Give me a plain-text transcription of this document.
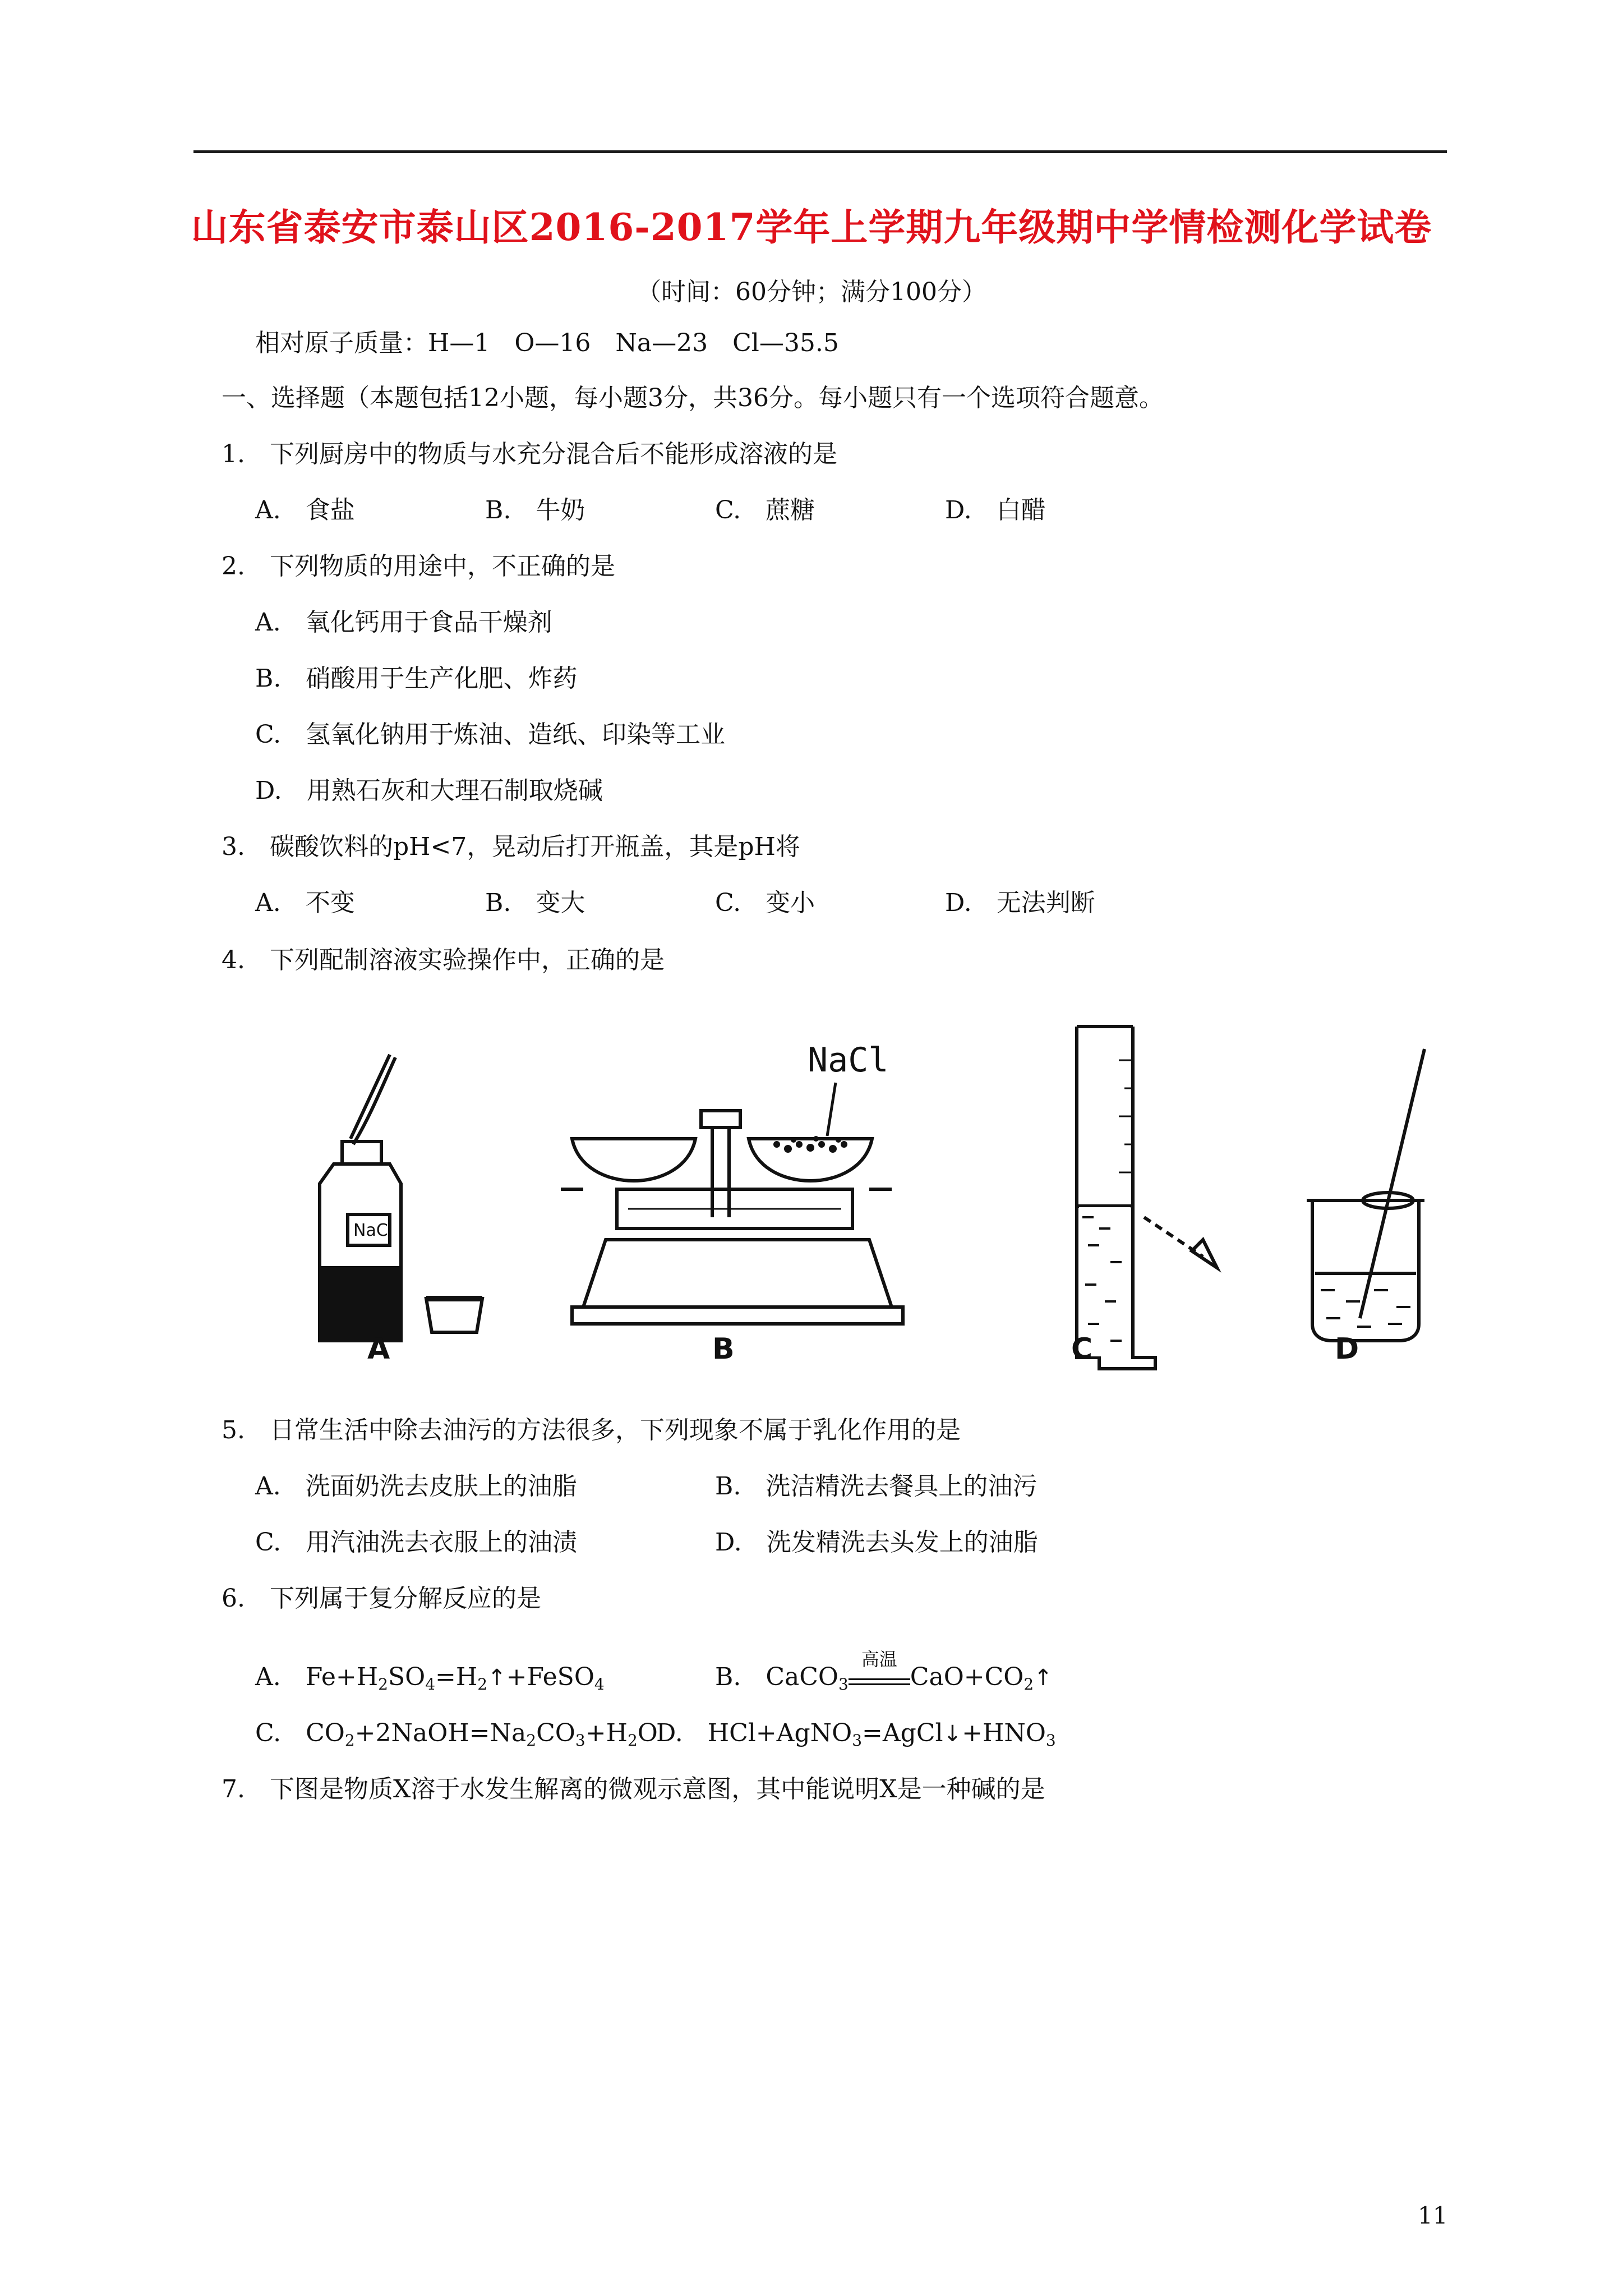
山东省泰安市泰山区2016-2017学年上学期九年级期中学情检测化学试卷
（时间：60分钟；满分100分）
相对原子质量：H—1　O—16　Na—23　Cl—35.5
一、选择题（本题包括12小题，每小题3分，共36分。每小题只有一个选项符合题意。
1.　下列厨房中的物质与水充分混合后不能形成溶液的是
A.　食盐	B.　牛奶	C.　蔗糖	D.　白醋
2.　下列物质的用途中，不正确的是
A.　氧化钙用于食品干燥剂
B.　硝酸用于生产化肥、炸药
C.　氢氧化钠用于炼油、造纸、印染等工业
D.　用熟石灰和大理石制取烧碱
3.　碳酸饮料的pH<7，晃动后打开瓶盖，其是pH将
A.　不变	B.　变大	C.　变小	D.　无法判断
4.　下列配制溶液实验操作中，正确的是
NaCl
NaCl
A	B	C	D
5.　日常生活中除去油污的方法很多，下列现象不属于乳化作用的是
A.　洗面奶洗去皮肤上的油脂	B.　洗洁精洗去餐具上的油污
C.　用汽油洗去衣服上的油渍	D.　洗发精洗去头发上的油脂
6.　下列属于复分解反应的是
A.　$Fe+H_2SO_4=H_2↑+FeSO_4$	B.　CaCO$_3$
高温
$CaO+CO_2↑$
C.　$CO_2+2NaOH=Na_2CO_3+H_2O$
D.　$HCl+AgNO_3=AgCl↓+HNO_3$
7.　下图是物质X溶于水发生解离的微观示意图，其中能说明X是一种碱的是
11
